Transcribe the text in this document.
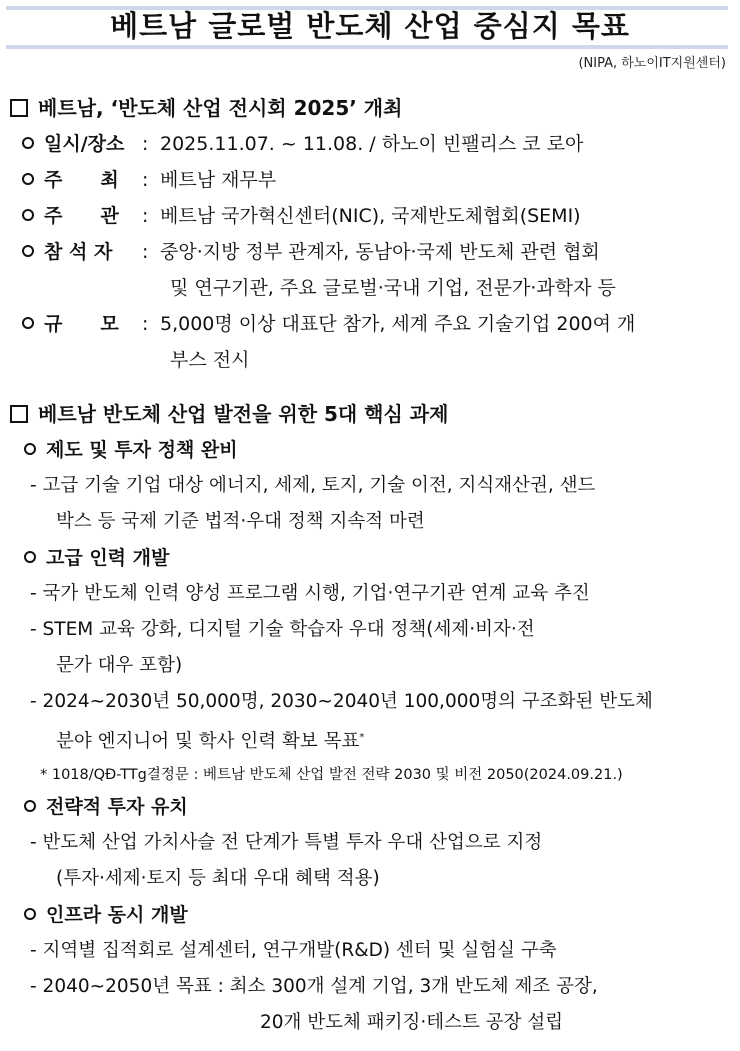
베트남 글로벌 반도체 산업 중심지 목표
(NIPA, 하노이IT지원센터)
베트남, ‘반도체 산업 전시회 2025’ 개최
일시/장소 : 2025.11.07. ~ 11.08. / 하노이 빈팰리스 코 로아
주　　최 : 베트남 재무부
주　　관 : 베트남 국가혁신센터(NIC), 국제반도체협회(SEMI)
참 석 자 : 중앙·지방 정부 관계자, 동남아·국제 반도체 관련 협회
및 연구기관, 주요 글로벌·국내 기업, 전문가·과학자 등
규　　모 : 5,000명 이상 대표단 참가, 세계 주요 기술기업 200여 개
부스 전시
베트남 반도체 산업 발전을 위한 5대 핵심 과제
제도 및 투자 정책 완비
- 고급 기술 기업 대상 에너지, 세제, 토지, 기술 이전, 지식재산권, 샌드
박스 등 국제 기준 법적·우대 정책 지속적 마련
고급 인력 개발
- 국가 반도체 인력 양성 프로그램 시행, 기업·연구기관 연계 교육 추진
- STEM 교육 강화, 디지털 기술 학습자 우대 정책(세제·비자·전
문가 대우 포함)
- 2024~2030년 50,000명, 2030~2040년 100,000명의 구조화된 반도체
분야 엔지니어 및 학사 인력 확보 목표*
* 1018/QĐ-TTg결정문 : 베트남 반도체 산업 발전 전략 2030 및 비전 2050(2024.09.21.)
전략적 투자 유치
- 반도체 산업 가치사슬 전 단계가 특별 투자 우대 산업으로 지정
(투자·세제·토지 등 최대 우대 혜택 적용)
인프라 동시 개발
- 지역별 집적회로 설계센터, 연구개발(R&D) 센터 및 실험실 구축
- 2040~2050년 목표 : 최소 300개 설계 기업, 3개 반도체 제조 공장,
20개 반도체 패키징·테스트 공장 설립
